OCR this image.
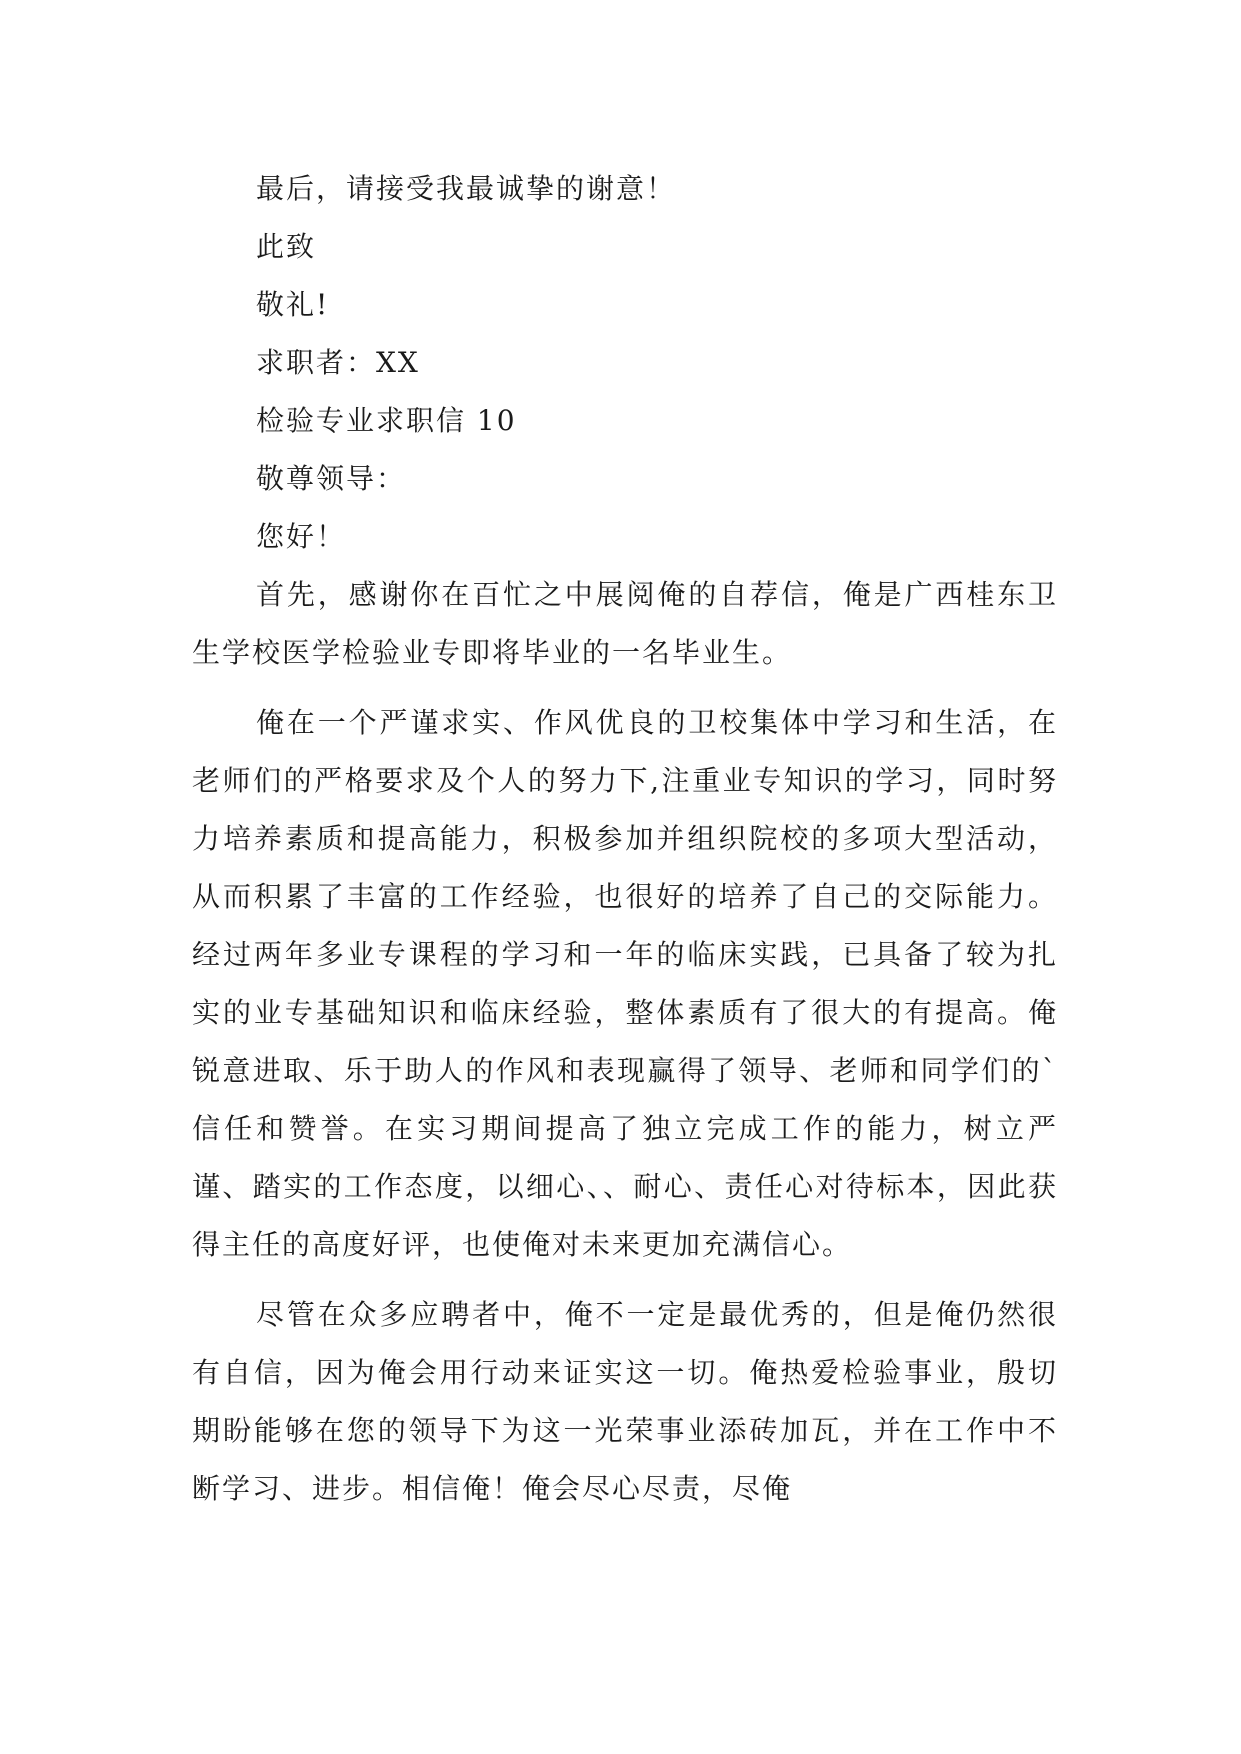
最后，请接受我最诚挚的谢意！

此致

敬礼!

求职者：XX

检验专业求职信 10

敬尊领导：

您好！

首先，感谢你在百忙之中展阅俺的自荐信，俺是广西桂东卫生学校医学检验业专即将毕业的一名毕业生。

俺在一个严谨求实、作风优良的卫校集体中学习和生活，在老师们的严格要求及个人的努力下,注重业专知识的学习，同时努力培养素质和提高能力，积极参加并组织院校的多项大型活动，从而积累了丰富的工作经验，也很好的培养了自己的交际能力。经过两年多业专课程的学习和一年的临床实践，已具备了较为扎实的业专基础知识和临床经验，整体素质有了很大的有提高。俺锐意进取、乐于助人的作风和表现赢得了领导、老师和同学们的`信任和赞誉。在实习期间提高了独立完成工作的能力，树立严谨、踏实的工作态度，以细心、、耐心、责任心对待标本，因此获得主任的高度好评，也使俺对未来更加充满信心。

尽管在众多应聘者中，俺不一定是最优秀的，但是俺仍然很有自信，因为俺会用行动来证实这一切。俺热爱检验事业，殷切期盼能够在您的领导下为这一光荣事业添砖加瓦，并在工作中不断学习、进步。相信俺！俺会尽心尽责，尽俺
